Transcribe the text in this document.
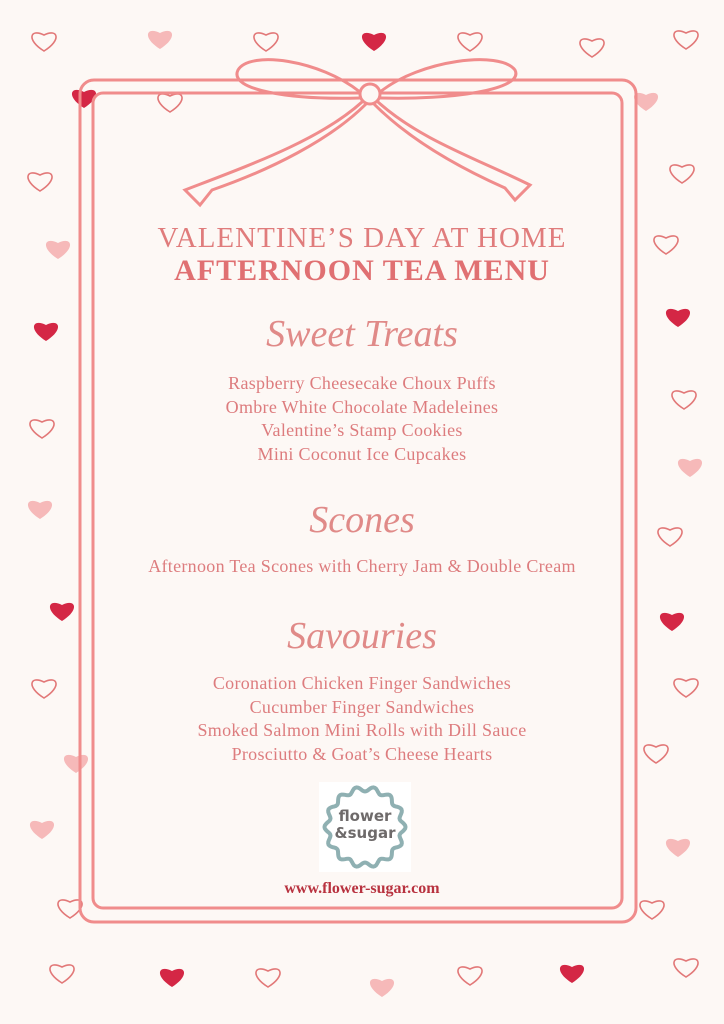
VALENTINE’S DAY AT HOME
AFTERNOON TEA MENU
Sweet Treats
Raspberry Cheesecake Choux Puffs
Ombre White Chocolate Madeleines
Valentine’s Stamp Cookies
Mini Coconut Ice Cupcakes
Scones
Afternoon Tea Scones with Cherry Jam & Double Cream
Savouries
Coronation Chicken Finger Sandwiches
Cucumber Finger Sandwiches
Smoked Salmon Mini Rolls with Dill Sauce
Prosciutto & Goat’s Cheese Hearts
flower
&sugar
www.flower-sugar.com
